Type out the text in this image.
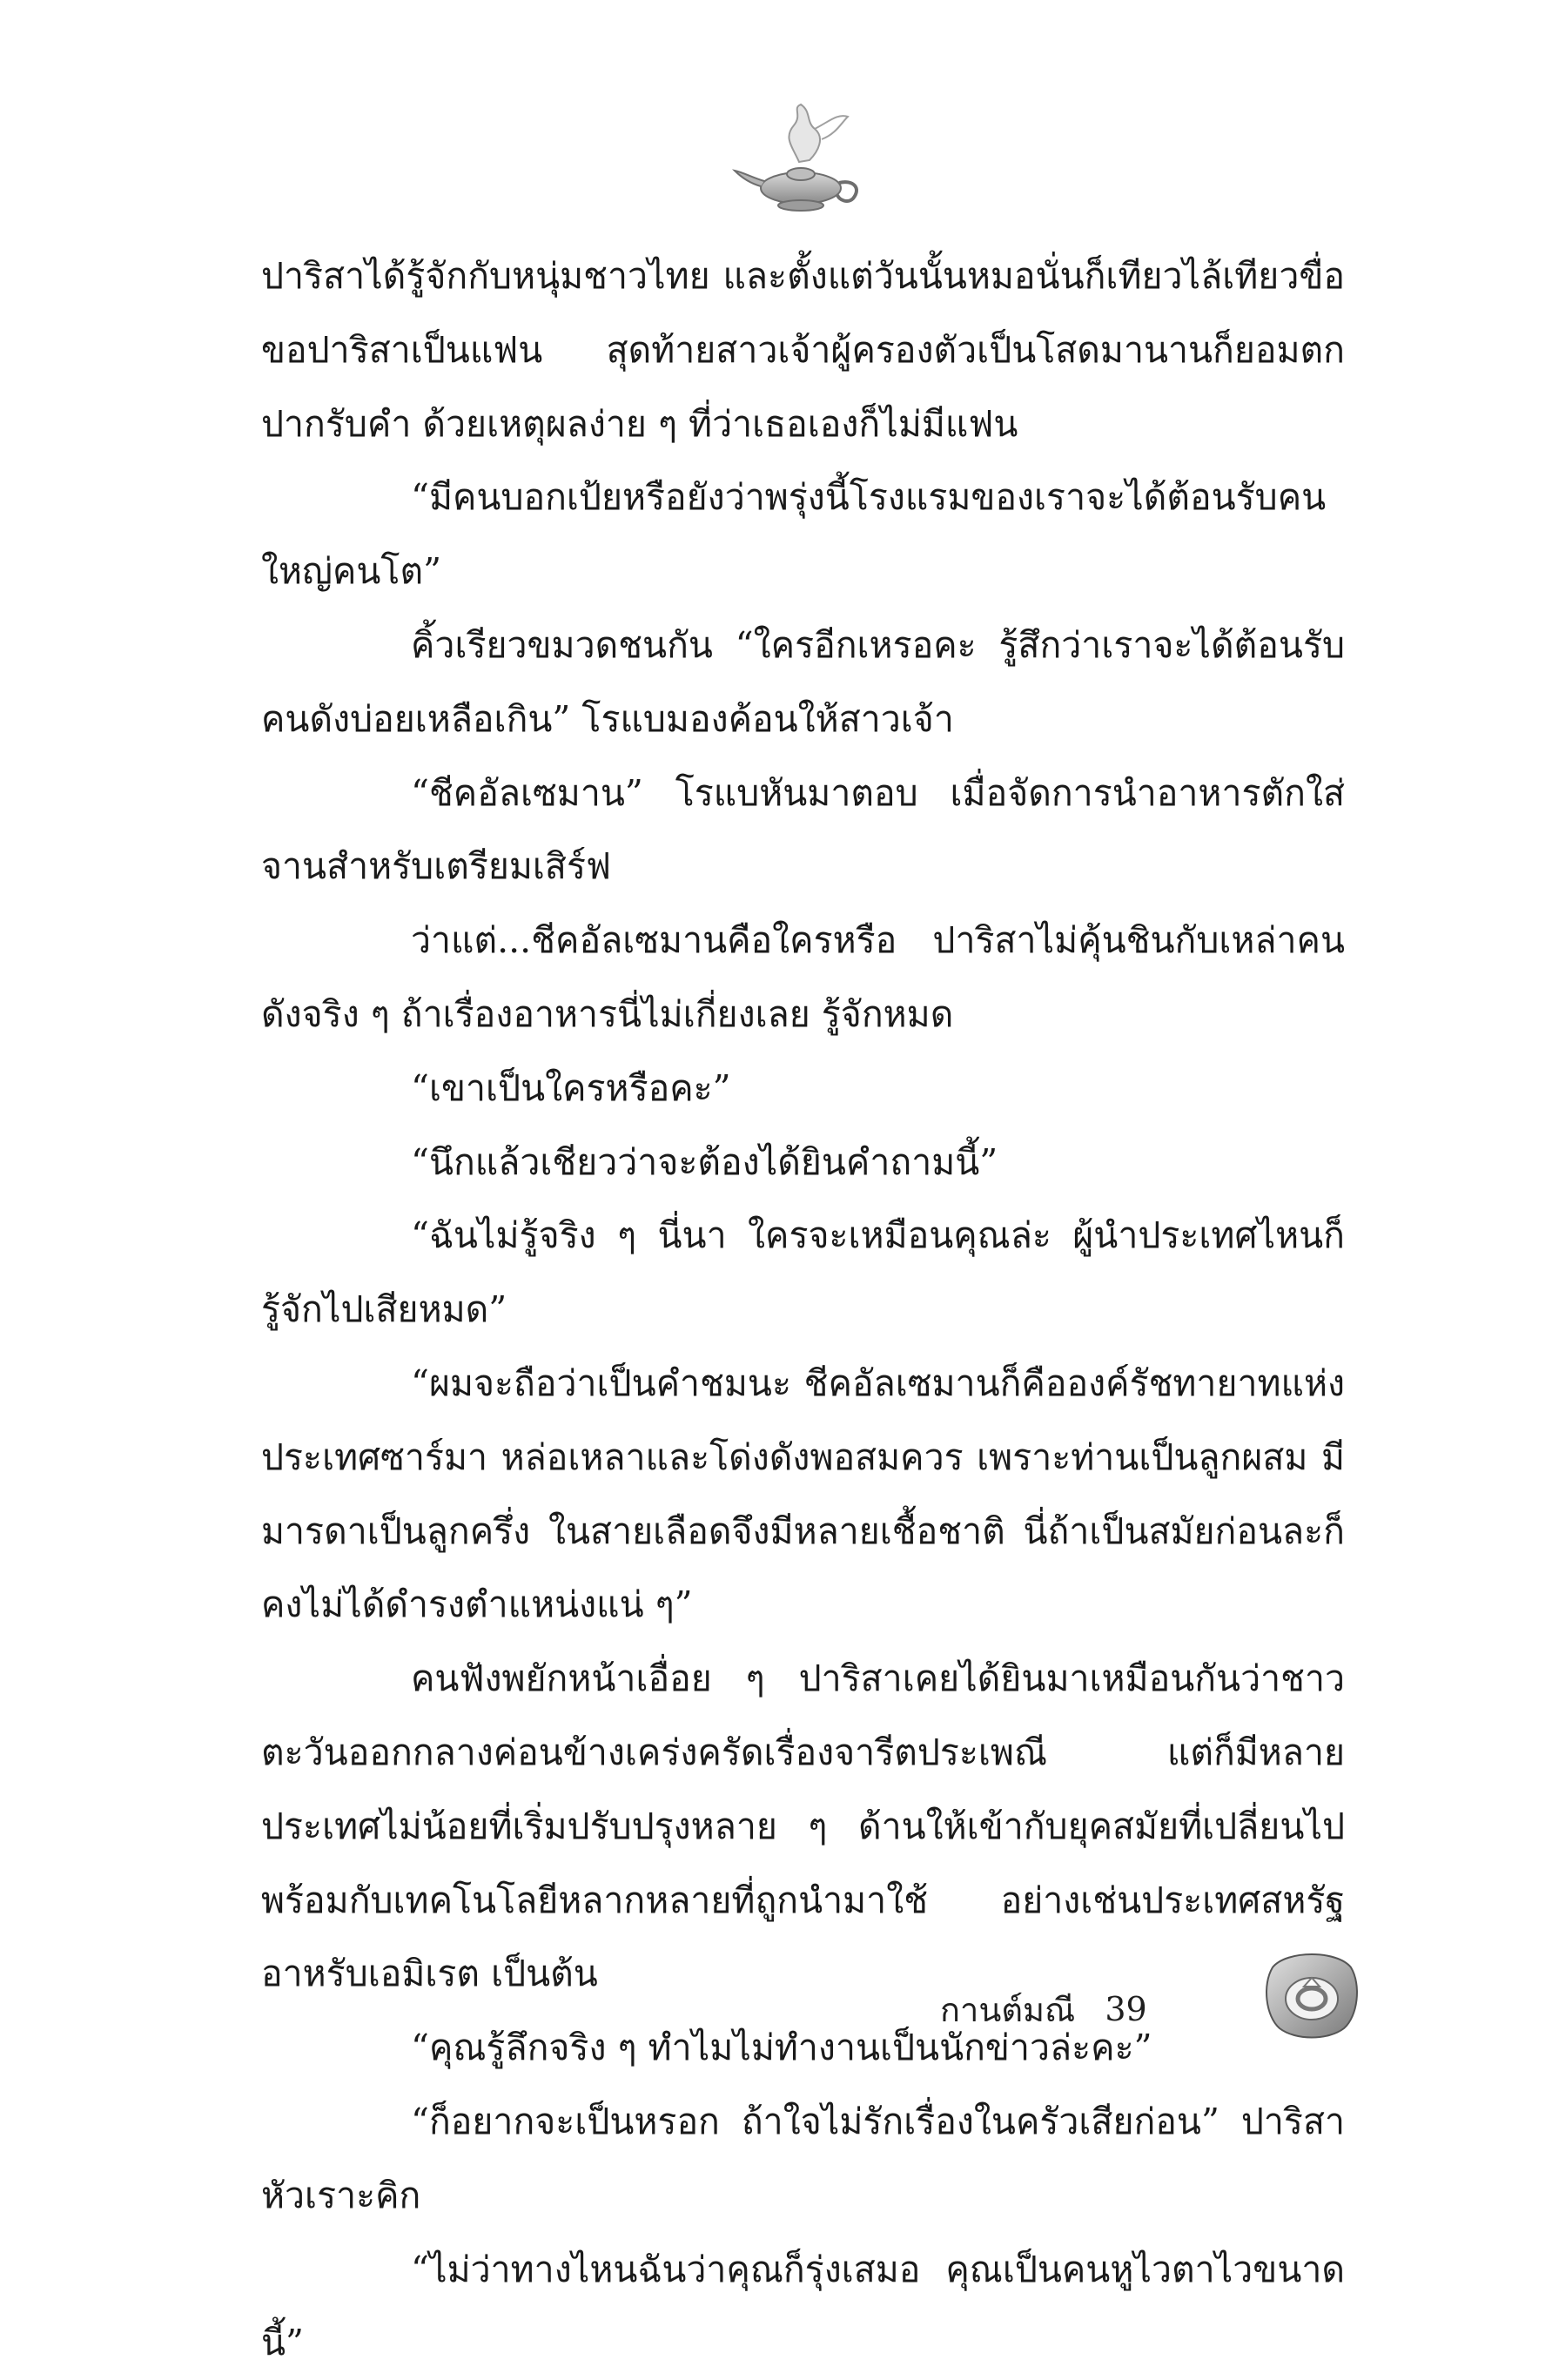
ปาริสาได้รู้จักกับหนุ่มชาวไทย และตั้งแต่วันนั้นหมอนั่นก็เทียวไล้เทียวขื่อขอปาริสาเป็นแฟน สุดท้ายสาวเจ้าผู้ครองตัวเป็นโสดมานานก็ยอมตกปากรับคำ ด้วยเหตุผลง่าย ๆ ที่ว่าเธอเองก็ไม่มีแฟน

“มีคนบอกเป้ยหรือยังว่าพรุ่งนี้โรงแรมของเราจะได้ต้อนรับคนใหญ่คนโต”

คิ้วเรียวขมวดชนกัน “ใครอีกเหรอคะ รู้สึกว่าเราจะได้ต้อนรับคนดังบ่อยเหลือเกิน” โรแบมองค้อนให้สาวเจ้า

“ชีคอัลเซมาน” โรแบหันมาตอบ เมื่อจัดการนำอาหารตักใส่จานสำหรับเตรียมเสิร์ฟ

ว่าแต่...ชีคอัลเซมานคือใครหรือ ปาริสาไม่คุ้นชินกับเหล่าคนดังจริง ๆ ถ้าเรื่องอาหารนี่ไม่เกี่ยงเลย รู้จักหมด

“เขาเป็นใครหรือคะ”

“นึกแล้วเชียวว่าจะต้องได้ยินคำถามนี้”

“ฉันไม่รู้จริง ๆ นี่นา ใครจะเหมือนคุณล่ะ ผู้นำประเทศไหนก็รู้จักไปเสียหมด”

“ผมจะถือว่าเป็นคำชมนะ ชีคอัลเซมานก็คือองค์รัชทายาทแห่งประเทศซาร์มา หล่อเหลาและโด่งดังพอสมควร เพราะท่านเป็นลูกผสม มีมารดาเป็นลูกครึ่ง ในสายเลือดจึงมีหลายเชื้อชาติ นี่ถ้าเป็นสมัยก่อนละก็ คงไม่ได้ดำรงตำแหน่งแน่ ๆ”

คนฟังพยักหน้าเอื่อย ๆ ปาริสาเคยได้ยินมาเหมือนกันว่าชาวตะวันออกกลางค่อนข้างเคร่งครัดเรื่องจารีตประเพณี แต่ก็มีหลายประเทศไม่น้อยที่เริ่มปรับปรุงหลาย ๆ ด้านให้เข้ากับยุคสมัยที่เปลี่ยนไปพร้อมกับเทคโนโลยีหลากหลายที่ถูกนำมาใช้ อย่างเช่นประเทศสหรัฐอาหรับเอมิเรต เป็นต้น

“คุณรู้ลึกจริง ๆ ทำไมไม่ทำงานเป็นนักข่าวล่ะคะ”

“ก็อยากจะเป็นหรอก ถ้าใจไม่รักเรื่องในครัวเสียก่อน” ปาริสาหัวเราะคิก

“ไม่ว่าทางไหนฉันว่าคุณก็รุ่งเสมอ คุณเป็นคนหูไวตาไวขนาดนี้”

กานต์มณี 39
